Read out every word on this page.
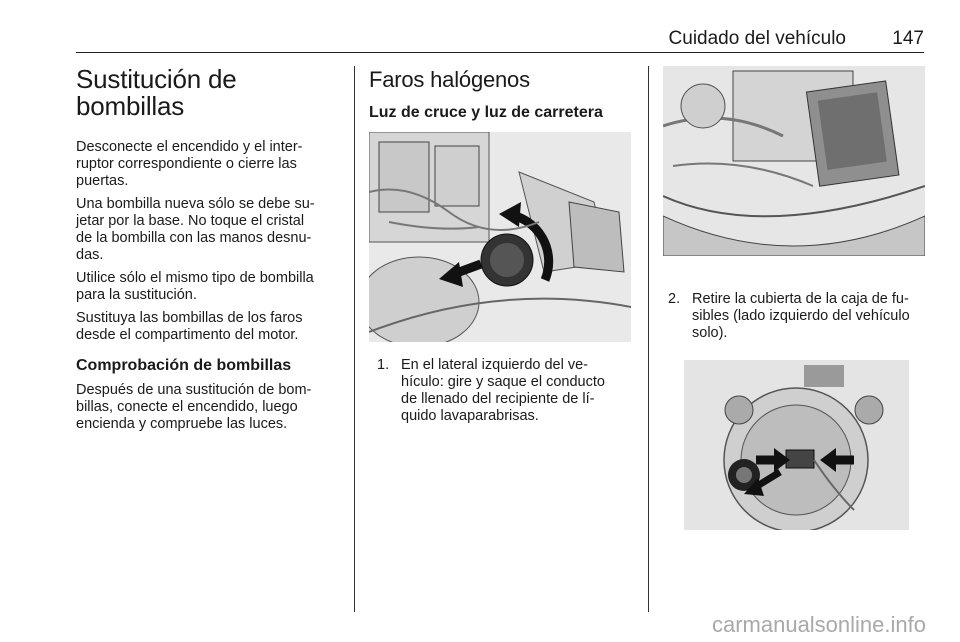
Cuidado del vehículo 147
Sustitución de
bombillas

Desconecte el encendido y el inter-
ruptor correspondiente o cierre las
puertas.

Una bombilla nueva sólo se debe su-
jetar por la base. No toque el cristal
de la bombilla con las manos desnu-
das.

Utilice sólo el mismo tipo de bombilla
para la sustitución.

Sustituya las bombillas de los faros
desde el compartimento del motor.

Comprobación de bombillas

Después de una sustitución de bom-
billas, conecte el encendido, luego
encienda y compruebe las luces.

Faros halógenos
Luz de cruce y luz de carretera
1. En el lateral izquierdo del ve-
hículo: gire y saque el conducto
de llenado del recipiente de lí-
quido lavaparabrisas.
2. Retire la cubierta de la caja de fu-
sibles (lado izquierdo del vehículo
solo).
carmanualsonline.info
